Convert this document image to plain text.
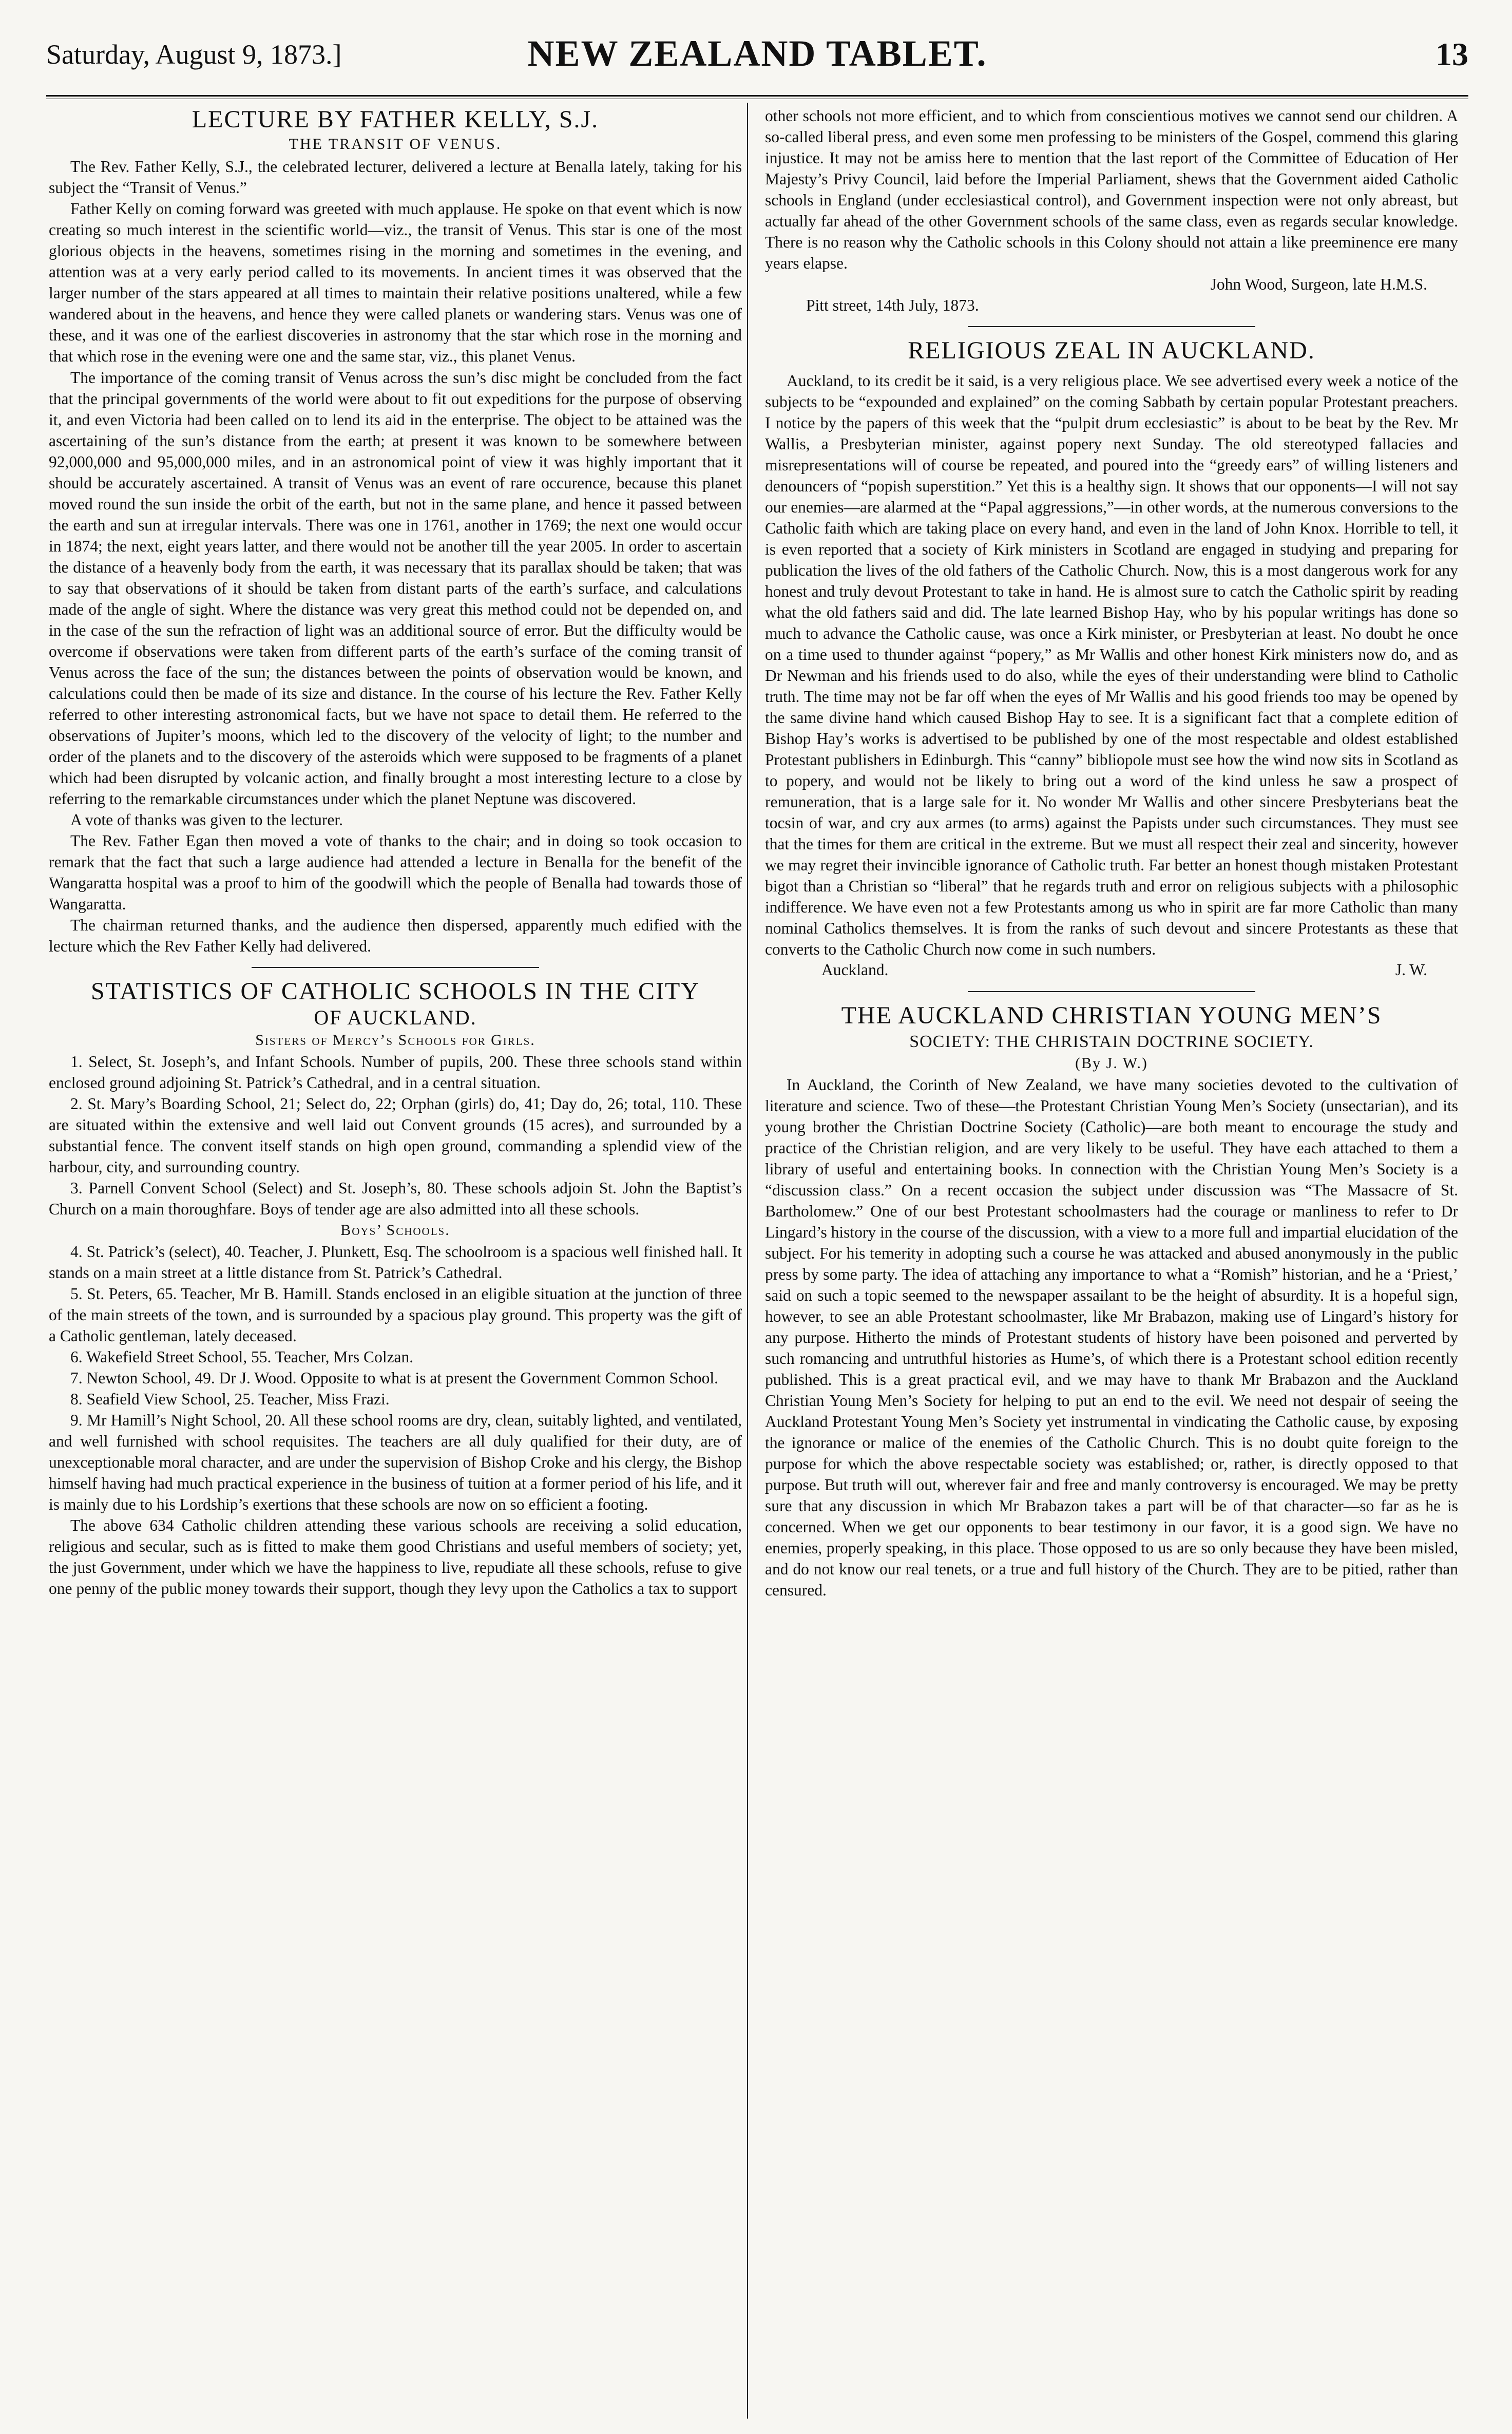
Saturday, August 9, 1873.]	NEW ZEALAND TABLET.	13
LECTURE BY FATHER KELLY, S.J.
THE TRANSIT OF VENUS.

The Rev. Father Kelly, S.J., the celebrated lecturer, delivered a lecture at Benalla lately, taking for his subject the “Transit of Venus.”

Father Kelly on coming forward was greeted with much applause. He spoke on that event which is now creating so much interest in the scientific world—viz., the transit of Venus. This star is one of the most glorious objects in the heavens, sometimes rising in the morning and sometimes in the evening, and attention was at a very early period called to its movements. In ancient times it was observed that the larger number of the stars appeared at all times to maintain their relative positions unaltered, while a few wandered about in the heavens, and hence they were called planets or wandering stars. Venus was one of these, and it was one of the earliest discoveries in astronomy that the star which rose in the morning and that which rose in the evening were one and the same star, viz., this planet Venus.

The importance of the coming transit of Venus across the sun’s disc might be concluded from the fact that the principal governments of the world were about to fit out expeditions for the purpose of observing it, and even Victoria had been called on to lend its aid in the enterprise. The object to be attained was the ascertaining of the sun’s distance from the earth; at present it was known to be somewhere between 92,000,000 and 95,000,000 miles, and in an astronomical point of view it was highly important that it should be accurately ascertained. A transit of Venus was an event of rare occurence, because this planet moved round the sun inside the orbit of the earth, but not in the same plane, and hence it passed between the earth and sun at irregular intervals. There was one in 1761, another in 1769; the next one would occur in 1874; the next, eight years latter, and there would not be another till the year 2005. In order to ascertain the distance of a heavenly body from the earth, it was necessary that its parallax should be taken; that was to say that observations of it should be taken from distant parts of the earth’s surface, and calculations made of the angle of sight. Where the distance was very great this method could not be depended on, and in the case of the sun the refraction of light was an additional source of error. But the difficulty would be overcome if observations were taken from different parts of the earth’s surface of the coming transit of Venus across the face of the sun; the distances between the points of observation would be known, and calculations could then be made of its size and distance. In the course of his lecture the Rev. Father Kelly referred to other interesting astronomical facts, but we have not space to detail them. He referred to the observations of Jupiter’s moons, which led to the discovery of the velocity of light; to the number and order of the planets and to the discovery of the asteroids which were supposed to be fragments of a planet which had been disrupted by volcanic action, and finally brought a most interesting lecture to a close by referring to the remarkable circumstances under which the planet Neptune was discovered.

A vote of thanks was given to the lecturer.

The Rev. Father Egan then moved a vote of thanks to the chair; and in doing so took occasion to remark that the fact that such a large audience had attended a lecture in Benalla for the benefit of the Wangaratta hospital was a proof to him of the goodwill which the people of Benalla had towards those of Wangaratta.

The chairman returned thanks, and the audience then dispersed, apparently much edified with the lecture which the Rev Father Kelly had delivered.

STATISTICS OF CATHOLIC SCHOOLS IN THE CITY
OF AUCKLAND.
Sisters of Mercy’s Schools for Girls.

1. Select, St. Joseph’s, and Infant Schools. Number of pupils, 200. These three schools stand within enclosed ground adjoining St. Patrick’s Cathedral, and in a central situation.

2. St. Mary’s Boarding School, 21; Select do, 22; Orphan (girls) do, 41; Day do, 26; total, 110. These are situated within the extensive and well laid out Convent grounds (15 acres), and surrounded by a substantial fence. The convent itself stands on high open ground, commanding a splendid view of the harbour, city, and surrounding country.

3. Parnell Convent School (Select) and St. Joseph’s, 80. These schools adjoin St. John the Baptist’s Church on a main thoroughfare. Boys of tender age are also admitted into all these schools.

Boys’ Schools.

4. St. Patrick’s (select), 40. Teacher, J. Plunkett, Esq. The schoolroom is a spacious well finished hall. It stands on a main street at a little distance from St. Patrick’s Cathedral.

5. St. Peters, 65. Teacher, Mr B. Hamill. Stands enclosed in an eligible situation at the junction of three of the main streets of the town, and is surrounded by a spacious play ground. This property was the gift of a Catholic gentleman, lately deceased.

6. Wakefield Street School, 55. Teacher, Mrs Colzan.

7. Newton School, 49. Dr J. Wood. Opposite to what is at present the Government Common School.

8. Seafield View School, 25. Teacher, Miss Frazi.

9. Mr Hamill’s Night School, 20. All these school rooms are dry, clean, suitably lighted, and ventilated, and well furnished with school requisites. The teachers are all duly qualified for their duty, are of unexceptionable moral character, and are under the supervision of Bishop Croke and his clergy, the Bishop himself having had much practical experience in the business of tuition at a former period of his life, and it is mainly due to his Lordship’s exertions that these schools are now on so efficient a footing.

The above 634 Catholic children attending these various schools are receiving a solid education, religious and secular, such as is fitted to make them good Christians and useful members of society; yet, the just Government, under which we have the happiness to live, repudiate all these schools, refuse to give one penny of the public money towards their support, though they levy upon the Catholics a tax to support

other schools not more efficient, and to which from conscientious motives we cannot send our children. A so-called liberal press, and even some men professing to be ministers of the Gospel, commend this glaring injustice. It may not be amiss here to mention that the last report of the Committee of Education of Her Majesty’s Privy Council, laid before the Imperial Parliament, shews that the Government aided Catholic schools in England (under ecclesiastical control), and Government inspection were not only abreast, but actually far ahead of the other Government schools of the same class, even as regards secular knowledge. There is no reason why the Catholic schools in this Colony should not attain a like preeminence ere many years elapse.

John Wood, Surgeon, late H.M.S.

Pitt street, 14th July, 1873.

RELIGIOUS ZEAL IN AUCKLAND.

Auckland, to its credit be it said, is a very religious place. We see advertised every week a notice of the subjects to be “expounded and explained” on the coming Sabbath by certain popular Protestant preachers. I notice by the papers of this week that the “pulpit drum ecclesiastic” is about to be beat by the Rev. Mr Wallis, a Presbyterian minister, against popery next Sunday. The old stereotyped fallacies and misrepresentations will of course be repeated, and poured into the “greedy ears” of willing listeners and denouncers of “popish superstition.” Yet this is a healthy sign. It shows that our opponents—I will not say our enemies—are alarmed at the “Papal aggressions,”—in other words, at the numerous conversions to the Catholic faith which are taking place on every hand, and even in the land of John Knox. Horrible to tell, it is even reported that a society of Kirk ministers in Scotland are engaged in studying and preparing for publication the lives of the old fathers of the Catholic Church. Now, this is a most dangerous work for any honest and truly devout Protestant to take in hand. He is almost sure to catch the Catholic spirit by reading what the old fathers said and did. The late learned Bishop Hay, who by his popular writings has done so much to advance the Catholic cause, was once a Kirk minister, or Presbyterian at least. No doubt he once on a time used to thunder against “popery,” as Mr Wallis and other honest Kirk ministers now do, and as Dr Newman and his friends used to do also, while the eyes of their understanding were blind to Catholic truth. The time may not be far off when the eyes of Mr Wallis and his good friends too may be opened by the same divine hand which caused Bishop Hay to see. It is a significant fact that a complete edition of Bishop Hay’s works is advertised to be published by one of the most respectable and oldest established Protestant publishers in Edinburgh. This “canny” bibliopole must see how the wind now sits in Scotland as to popery, and would not be likely to bring out a word of the kind unless he saw a prospect of remuneration, that is a large sale for it. No wonder Mr Wallis and other sincere Presbyterians beat the tocsin of war, and cry aux armes (to arms) against the Papists under such circumstances. They must see that the times for them are critical in the extreme. But we must all respect their zeal and sincerity, however we may regret their invincible ignorance of Catholic truth. Far better an honest though mistaken Protestant bigot than a Christian so “liberal” that he regards truth and error on religious subjects with a philosophic indifference. We have even not a few Protestants among us who in spirit are far more Catholic than many nominal Catholics themselves. It is from the ranks of such devout and sincere Protestants as these that converts to the Catholic Church now come in such numbers.

Auckland.	J. W.
THE AUCKLAND CHRISTIAN YOUNG MEN’S
SOCIETY: THE CHRISTAIN DOCTRINE SOCIETY.
(By J. W.)

In Auckland, the Corinth of New Zealand, we have many societies devoted to the cultivation of literature and science. Two of these—the Protestant Christian Young Men’s Society (unsectarian), and its young brother the Christian Doctrine Society (Catholic)—are both meant to encourage the study and practice of the Christian religion, and are very likely to be useful. They have each attached to them a library of useful and entertaining books. In connection with the Christian Young Men’s Society is a “discussion class.” On a recent occasion the subject under discussion was “The Massacre of St. Bartholomew.” One of our best Protestant schoolmasters had the courage or manliness to refer to Dr Lingard’s history in the course of the discussion, with a view to a more full and impartial elucidation of the subject. For his temerity in adopting such a course he was attacked and abused anonymously in the public press by some party. The idea of attaching any importance to what a “Romish” historian, and he a ‘Priest,’ said on such a topic seemed to the newspaper assailant to be the height of absurdity. It is a hopeful sign, however, to see an able Protestant schoolmaster, like Mr Brabazon, making use of Lingard’s history for any purpose. Hitherto the minds of Protestant students of history have been poisoned and perverted by such romancing and untruthful histories as Hume’s, of which there is a Protestant school edition recently published. This is a great practical evil, and we may have to thank Mr Brabazon and the Auckland Christian Young Men’s Society for helping to put an end to the evil. We need not despair of seeing the Auckland Protestant Young Men’s Society yet instrumental in vindicating the Catholic cause, by exposing the ignorance or malice of the enemies of the Catholic Church. This is no doubt quite foreign to the purpose for which the above respectable society was established; or, rather, is directly opposed to that purpose. But truth will out, wherever fair and free and manly controversy is encouraged. We may be pretty sure that any discussion in which Mr Brabazon takes a part will be of that character—so far as he is concerned. When we get our opponents to bear testimony in our favor, it is a good sign. We have no enemies, properly speaking, in this place. Those opposed to us are so only because they have been misled, and do not know our real tenets, or a true and full history of the Church. They are to be pitied, rather than censured.
